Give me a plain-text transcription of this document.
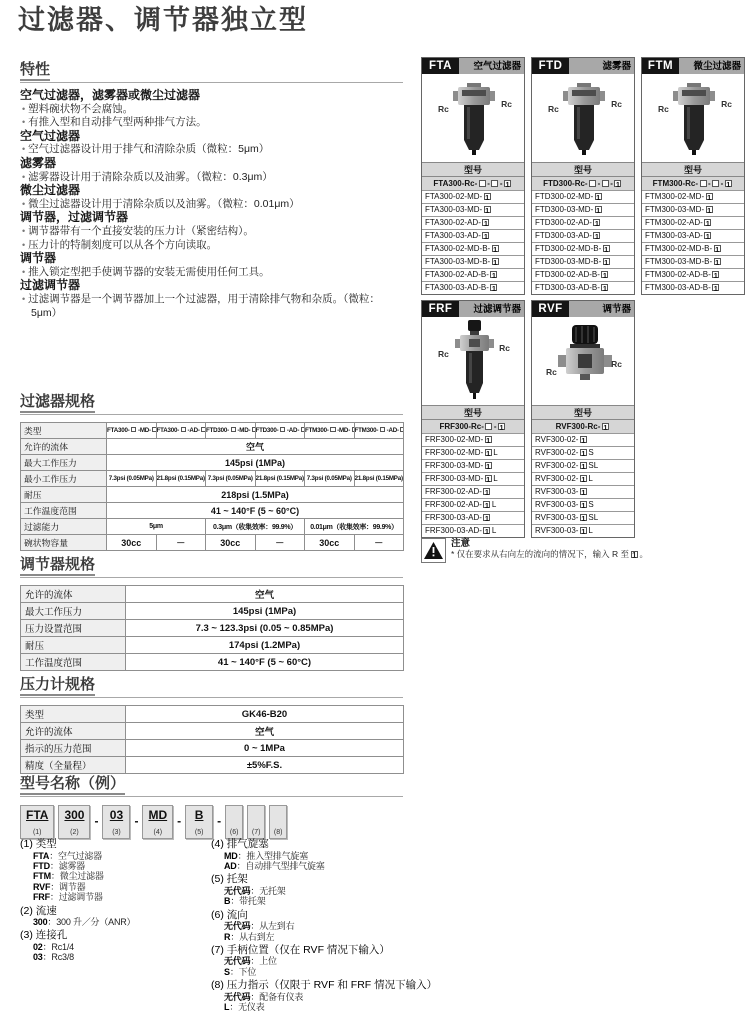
过滤器、调节器独立型
特性
空气过滤器，滤雾器或微尘过滤器
• 塑料碗状物不会腐蚀。
• 有推入型和自动排气型两种排气方法。
空气过滤器
• 空气过滤器设计用于排气和清除杂质（微粒：5μm）
滤雾器
• 滤雾器设计用于清除杂质以及油雾。（微粒：0.3μm）
微尘过滤器
• 微尘过滤器设计用于清除杂质以及油雾。（微粒：0.01μm）
调节器，过滤调节器
• 调节器带有一个直接安装的压力计（紧密结构）。
• 压力计的特制刻度可以从各个方向读取。
调节器
• 推入锁定型把手使调节器的安装无需使用任何工具。
过滤调节器
• 过滤调节器是一个调节器加上一个过滤器，用于清除排气物和杂质。（微粒：5μm）
过滤器规格
类型	FTA300- -MD-	FTA300- -AD-	FTD300- -MD-	FTD300- -AD-	FTM300- -MD-	FTM300- -AD-
允许的流体	空气					
最大工作压力	145psi (1MPa)					
最小工作压力	7.3psi (0.05MPa)	21.8psi (0.15MPa)	7.3psi (0.05MPa)	21.8psi (0.15MPa)	7.3psi (0.05MPa)	21.8psi (0.15MPa)
耐压	218psi (1.5MPa)					
工作温度范围	41 ~ 140°F (5 ~ 60°C)					
过滤能力	5μm		0.3μm（收集效率：99.9%）		0.01μm（收集效率：99.9%）	
碗状物容量	30cc	－	30cc	－	30cc	－
调节器规格
允许的流体	空气
最大工作压力	145psi (1MPa)
压力设置范围	7.3 ~ 123.3psi (0.05 ~ 0.85MPa)
耐压	174psi (1.2MPa)
工作温度范围	41 ~ 140°F (5 ~ 60°C)
压力计规格
类型	GK46-B20
允许的流体	空气
指示的压力范围	0 ~ 1MPa
精度（全量程）	±5%F.S.
型号名称（例）
FTA
(1)
300
(2)
- 03
(3)
- MD
(4)
- B
(5)
-
(6) (7) (8)
(1) 类型
FTA：空气过滤器
FTD：滤雾器
FTM：微尘过滤器
RVF：调节器
FRF：过滤调节器
(2) 流速
300：300 升／分（ANR）
(3) 连接孔
02：Rc1/4
03：Rc3/8
(4) 排气旋塞
MD：推入型排气旋塞
AD：自动排气型排气旋塞
(5) 托架
无代码：无托架
B：带托架
(6) 流向
无代码：从左到右
R：从右到左
(7) 手柄位置（仅在 RVF 情况下输入）
无代码：上位
S：下位
(8) 压力指示（仅限于 RVF 和 FRF 情况下输入）
无代码：配备有仪表
L：无仪表
FTA	空气过滤器
Rc	Rc
型号
FTA300-Rc- - - 1
FTA300-02-MD- 1
FTA300-03-MD- 1
FTA300-02-AD- 1
FTA300-03-AD- 1
FTA300-02-MD-B- 1
FTA300-03-MD-B- 1
FTA300-02-AD-B- 1
FTA300-03-AD-B- 1
FTD	滤雾器
Rc	Rc
型号
FTD300-Rc- - - 1
FTD300-02-MD- 1
FTD300-03-MD- 1
FTD300-02-AD- 1
FTD300-03-AD- 1
FTD300-02-MD-B- 1
FTD300-03-MD-B- 1
FTD300-02-AD-B- 1
FTD300-03-AD-B- 1
FTM	微尘过滤器
Rc	Rc
型号
FTM300-Rc- - - 1
FTM300-02-MD- 1
FTM300-03-MD- 1
FTM300-02-AD- 1
FTM300-03-AD- 1
FTM300-02-MD-B- 1
FTM300-03-MD-B- 1
FTM300-02-AD-B- 1
FTM300-03-AD-B- 1
FRF	过滤调节器
Rc
Rc
型号
FRF300-Rc- - 1
FRF300-02-MD- 1
FRF300-02-MD- 1 L
FRF300-03-MD- 1
FRF300-03-MD- 1 L
FRF300-02-AD- 1
FRF300-02-AD- 1 L
FRF300-03-AD- 1
FRF300-03-AD- 1 L
RVF	调节器
Rc
Rc
型号
RVF300-Rc- 1
RVF300-02- 1
RVF300-02- 1 S
RVF300-02- 1 SL
RVF300-02- 1 L
RVF300-03- 1
RVF300-03- 1 S
RVF300-03- 1 SL
RVF300-03- 1 L
注意
* 仅在要求从右向左的流向的情况下，输入 R 至 1 。
